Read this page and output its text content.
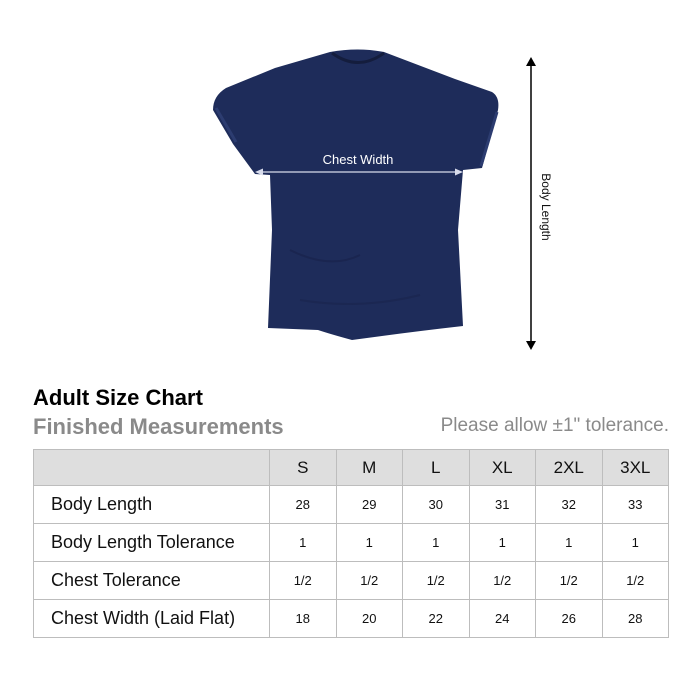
Chest Width
Body Length
Adult Size Chart
Finished Measurements	Please allow ±1" tolerance.
	S	M	L	XL	2XL	3XL
Body Length	28	29	30	31	32	33
Body Length Tolerance	1	1	1	1	1	1
Chest Tolerance	1/2	1/2	1/2	1/2	1/2	1/2
Chest Width (Laid Flat)	18	20	22	24	26	28
